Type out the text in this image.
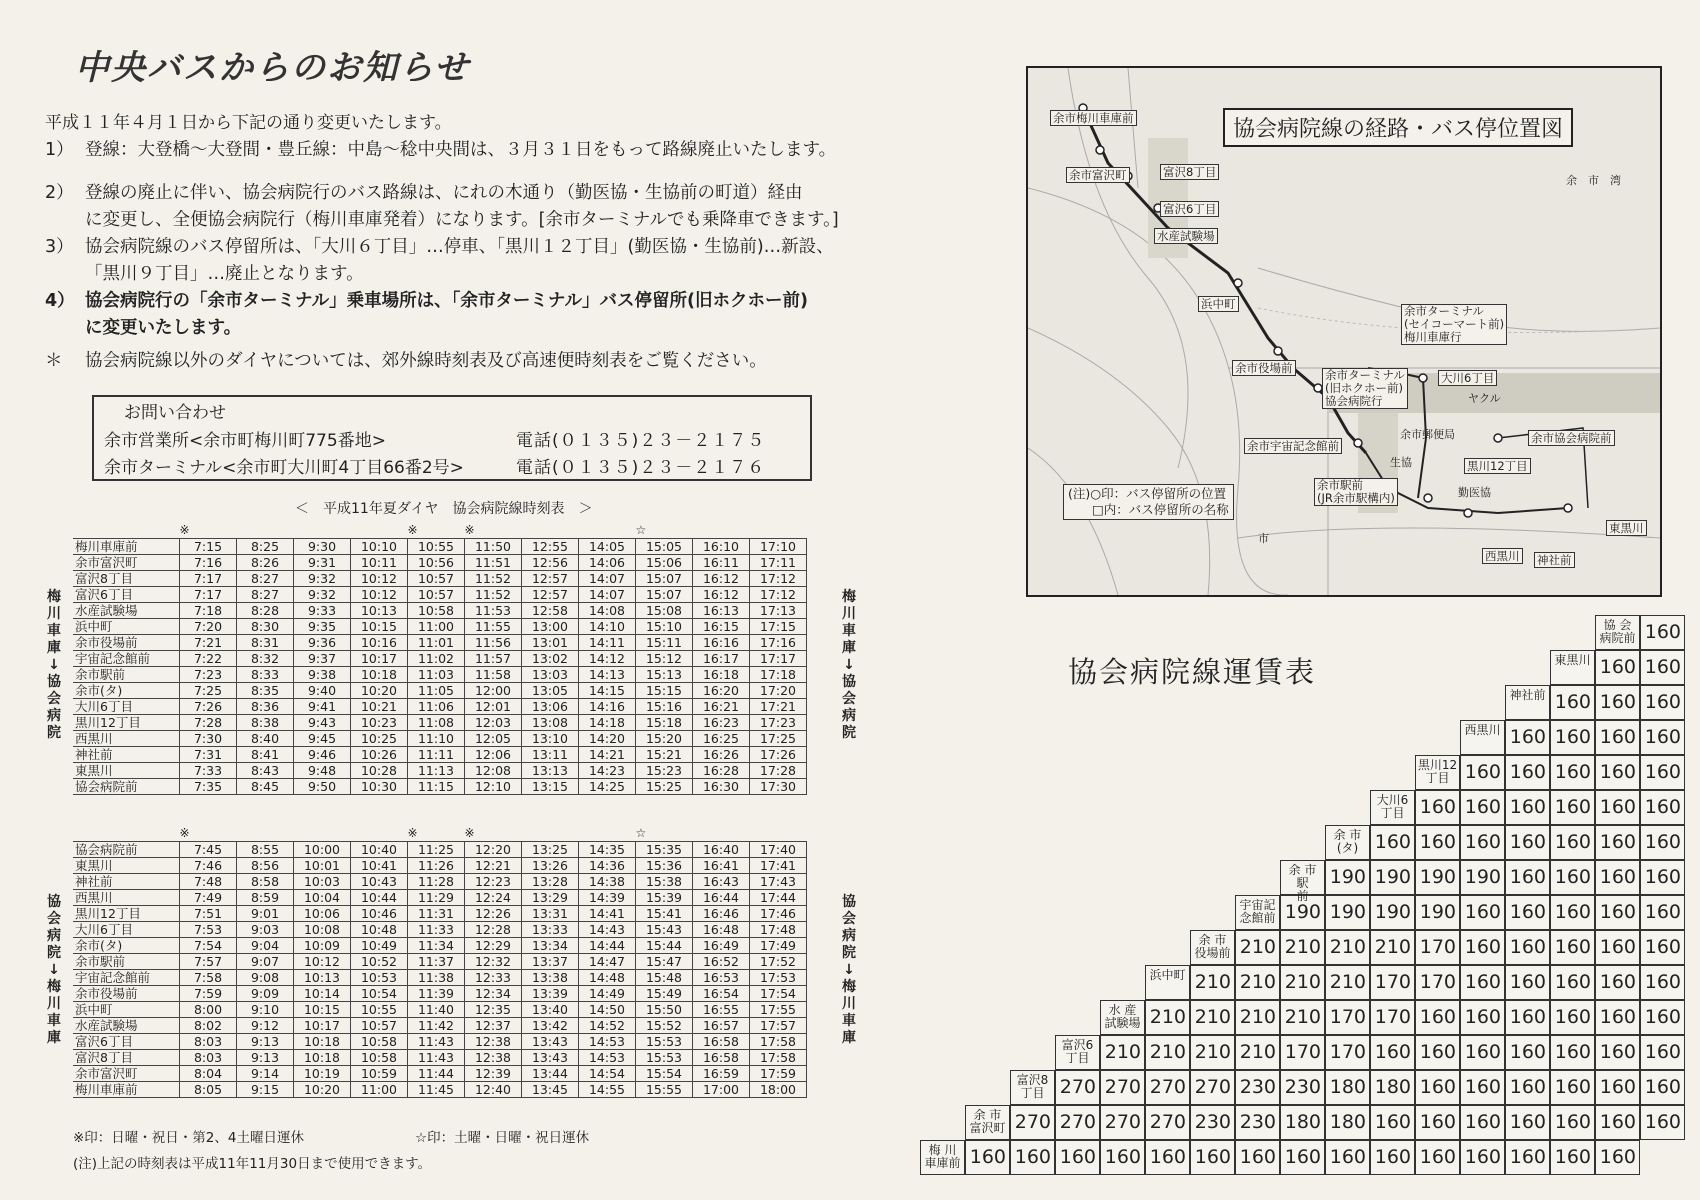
中央バスからのお知らせ
平成１１年４月１日から下記の通り変更いたします。
1） 登線：大登橋～大登間・豊丘線：中島～稔中央間は、３月３１日をもって路線廃止いたします。
2） 登線の廃止に伴い、協会病院行のバス路線は、にれの木通り（勤医協・生協前の町道）経由
に変更し、全便協会病院行（梅川車庫発着）になります。[余市ターミナルでも乗降車できます。]
3） 協会病院線のバス停留所は、「大川６丁目」…停車、「黒川１２丁目」(勤医協・生協前)…新設、
「黒川９丁目」…廃止となります。
4） 協会病院行の「余市ターミナル」乗車場所は、「余市ターミナル」バス停留所(旧ホクホー前)
に変更いたします。
＊	協会病院線以外のダイヤについては、郊外線時刻表及び高速便時刻表をご覧ください。
お問い合わせ
余市営業所<余市町梅川町775番地>	電話(０１３５)２３－２１７５
余市ターミナル<余市町大川町4丁目66番2号>	電話(０１３５)２３－２１７６
＜　平成11年夏ダイヤ　協会病院線時刻表　＞
	※				※	※			☆		
梅川車庫前	7:15	8:25	9:30	10:10	10:55	11:50	12:55	14:05	15:05	16:10	17:10
余市富沢町	7:16	8:26	9:31	10:11	10:56	11:51	12:56	14:06	15:06	16:11	17:11
富沢8丁目	7:17	8:27	9:32	10:12	10:57	11:52	12:57	14:07	15:07	16:12	17:12
富沢6丁目	7:17	8:27	9:32	10:12	10:57	11:52	12:57	14:07	15:07	16:12	17:12
水産試験場	7:18	8:28	9:33	10:13	10:58	11:53	12:58	14:08	15:08	16:13	17:13
浜中町	7:20	8:30	9:35	10:15	11:00	11:55	13:00	14:10	15:10	16:15	17:15
余市役場前	7:21	8:31	9:36	10:16	11:01	11:56	13:01	14:11	15:11	16:16	17:16
宇宙記念館前	7:22	8:32	9:37	10:17	11:02	11:57	13:02	14:12	15:12	16:17	17:17
余市駅前	7:23	8:33	9:38	10:18	11:03	11:58	13:03	14:13	15:13	16:18	17:18
余市(タ)	7:25	8:35	9:40	10:20	11:05	12:00	13:05	14:15	15:15	16:20	17:20
大川6丁目	7:26	8:36	9:41	10:21	11:06	12:01	13:06	14:16	15:16	16:21	17:21
黒川12丁目	7:28	8:38	9:43	10:23	11:08	12:03	13:08	14:18	15:18	16:23	17:23
西黒川	7:30	8:40	9:45	10:25	11:10	12:05	13:10	14:20	15:20	16:25	17:25
神社前	7:31	8:41	9:46	10:26	11:11	12:06	13:11	14:21	15:21	16:26	17:26
東黒川	7:33	8:43	9:48	10:28	11:13	12:08	13:13	14:23	15:23	16:28	17:28
協会病院前	7:35	8:45	9:50	10:30	11:15	12:10	13:15	14:25	15:25	16:30	17:30
	※				※	※			☆		
協会病院前	7:45	8:55	10:00	10:40	11:25	12:20	13:25	14:35	15:35	16:40	17:40
東黒川	7:46	8:56	10:01	10:41	11:26	12:21	13:26	14:36	15:36	16:41	17:41
神社前	7:48	8:58	10:03	10:43	11:28	12:23	13:28	14:38	15:38	16:43	17:43
西黒川	7:49	8:59	10:04	10:44	11:29	12:24	13:29	14:39	15:39	16:44	17:44
黒川12丁目	7:51	9:01	10:06	10:46	11:31	12:26	13:31	14:41	15:41	16:46	17:46
大川6丁目	7:53	9:03	10:08	10:48	11:33	12:28	13:33	14:43	15:43	16:48	17:48
余市(タ)	7:54	9:04	10:09	10:49	11:34	12:29	13:34	14:44	15:44	16:49	17:49
余市駅前	7:57	9:07	10:12	10:52	11:37	12:32	13:37	14:47	15:47	16:52	17:52
宇宙記念館前	7:58	9:08	10:13	10:53	11:38	12:33	13:38	14:48	15:48	16:53	17:53
余市役場前	7:59	9:09	10:14	10:54	11:39	12:34	13:39	14:49	15:49	16:54	17:54
浜中町	8:00	9:10	10:15	10:55	11:40	12:35	13:40	14:50	15:50	16:55	17:55
水産試験場	8:02	9:12	10:17	10:57	11:42	12:37	13:42	14:52	15:52	16:57	17:57
富沢6丁目	8:03	9:13	10:18	10:58	11:43	12:38	13:43	14:53	15:53	16:58	17:58
富沢8丁目	8:03	9:13	10:18	10:58	11:43	12:38	13:43	14:53	15:53	16:58	17:58
余市富沢町	8:04	9:14	10:19	10:59	11:44	12:39	13:44	14:54	15:54	16:59	17:59
梅川車庫前	8:05	9:15	10:20	11:00	11:45	12:40	13:45	14:55	15:55	17:00	18:00
梅
川
車
庫
↓
協
会
病
院
梅
川
車
庫
↓
協
会
病
院
協
会
病
院
↓
梅
川
車
庫
協
会
病
院
↓
梅
川
車
庫
※印：日曜・祝日・第2、4土曜日運休	☆印：土曜・日曜・祝日運休
(注)上記の時刻表は平成11年11月30日まで使用できます。
協会病院線の経路・バス停位置図
余　市　湾
余市梅川車庫前
余市富沢町	富沢8丁目
富沢6丁目
水産試験場
浜中町
余市役場前
余市宇宙記念館前
大川6丁目
余市郵便局	余市協会病院前
黒川12丁目
勤医協
東黒川
西黒川 神社前
余市ターミナル
(セイコーマート前)
梅川車庫行
余市ターミナル
(旧ホクホー前)
協会病院行
余市駅前
(JR余市駅構内)
ヤクル
生協
市
(注)○印：バス停留所の位置
□内：バス停留所の名称
協会病院線運賃表
梅 川
車庫前 160 160 160 160 160 160 160 160 160 160 160 160 160 160 160
余 市
富沢町 270 270 270 270 230 230 180 180 160 160 160 160 160 160 160
富沢8
丁目 270 270 270 270 230 230 180 180 160 160 160 160 160 160
富沢6
丁目 210 210 210 210 170 170 160 160 160 160 160 160 160
水 産
試験場 210 210 210 210 170 170 160 160 160 160 160 160
浜中町 210 210 210 210 170 170 160 160 160 160 160
余 市
役場前 210 210 210 210 170 160 160 160 160 160
宇宙記
念館前 190 190 190 190 160 160 160 160 160
余 市
駅
前
190 190 190 190 160 160 160 160
余 市
(タ) 160 160 160 160 160 160 160
大川6
丁目 160 160 160 160 160 160
黒川12
丁目 160 160 160 160 160
西黒川 160 160 160 160
神社前 160 160 160
東黒川 160 160
協 会
病院前 160
